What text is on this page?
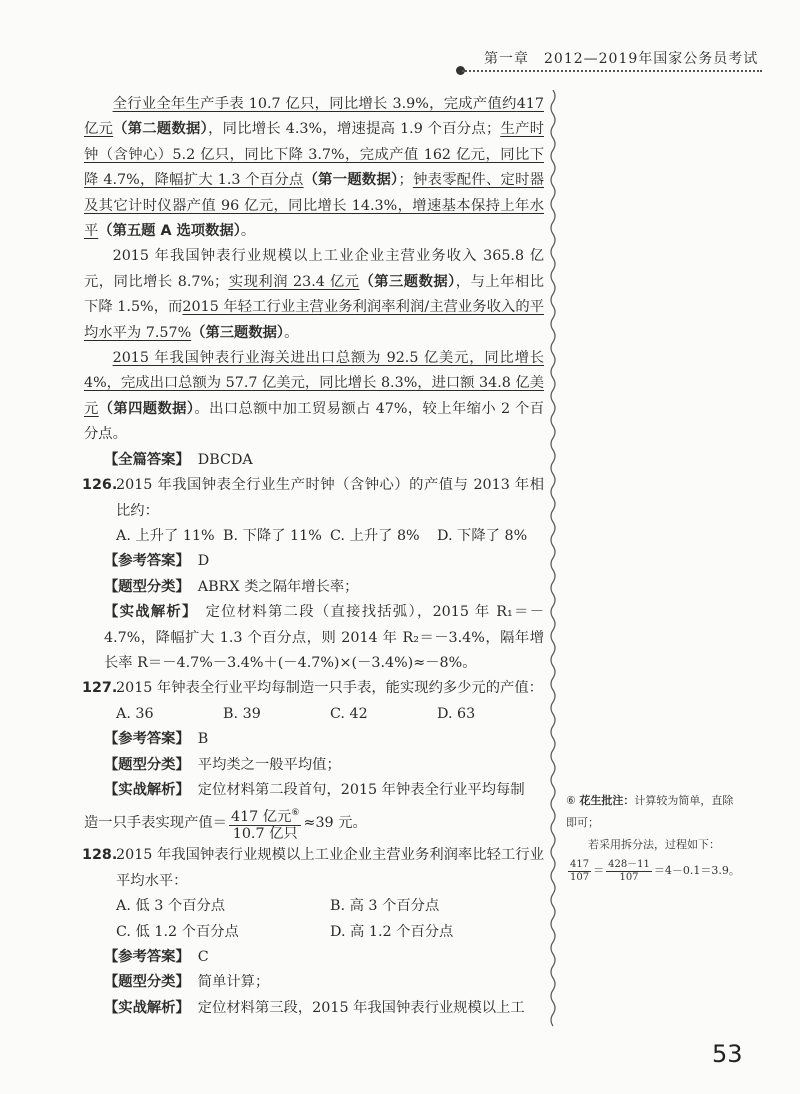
第一章　2012—2019年国家公务员考试

全行业全年生产手表 10.7 亿只，同比增长 3.9%，完成产值约417 亿元（第二题数据），同比增长 4.3%，增速提高 1.9 个百分点；生产时钟（含钟心）5.2 亿只，同比下降 3.7%，完成产值 162 亿元，同比下降 4.7%，降幅扩大 1.3 个百分点（第一题数据）；钟表零配件、定时器及其它计时仪器产值 96 亿元，同比增长 14.3%，增速基本保持上年水平（第五题 A 选项数据）。

2015 年我国钟表行业规模以上工业企业主营业务收入 365.8 亿元，同比增长 8.7%；实现利润 23.4 亿元（第三题数据），与上年相比下降 1.5%，而2015 年轻工行业主营业务利润率利润/主营业务收入的平均水平为 7.57%（第三题数据）。

2015 年我国钟表行业海关进出口总额为 92.5 亿美元，同比增长 4%，完成出口总额为 57.7 亿美元，同比增长 8.3%，进口额 34.8 亿美元（第四题数据）。出口总额中加工贸易额占 47%，较上年缩小 2 个百分点。

【全篇答案】 DBCDA

126.
2015 年我国钟表全行业生产时钟（含钟心）的产值与 2013 年相比约：

A. 上升了 11% B. 下降了 11% C. 上升了 8%	D. 下降了 8%

【参考答案】 D

【题型分类】 ABRX 类之隔年增长率；

【实战解析】 定位材料第二段（直接找括弧），2015 年 R₁＝－4.7%，降幅扩大 1.3 个百分点，则 2014 年 R₂＝－3.4%，隔年增长率 R＝－4.7%－3.4%＋(－4.7%)×(－3.4%)≈－8%。

127.
2015 年钟表全行业平均每制造一只手表，能实现约多少元的产值：

A. 36	B. 39	C. 42	D. 63

【参考答案】 B

【题型分类】 平均类之一般平均值；

【实战解析】 定位材料第二段首句，2015 年钟表全行业平均每制

造一只手表实现产值＝ $\frac{417 亿元^⑥}{\text{10.7 亿只}} \approx 39$ 元。

128.
2015 年我国钟表行业规模以上工业企业主营业务利润率比轻工行业平均水平：

A. 低 3 个百分点	B. 高 3 个百分点
C. 低 1.2 个百分点	D. 高 1.2 个百分点

【参考答案】 C

【题型分类】 简单计算；

【实战解析】 定位材料第三段，2015 年我国钟表行业规模以上工

⑥ 花生批注：计算较为简单，直除即可；
若采用拆分法，过程如下：
$\frac{417}{107} = \frac{428-11}{107} =4-0.1=3.9$。
53
